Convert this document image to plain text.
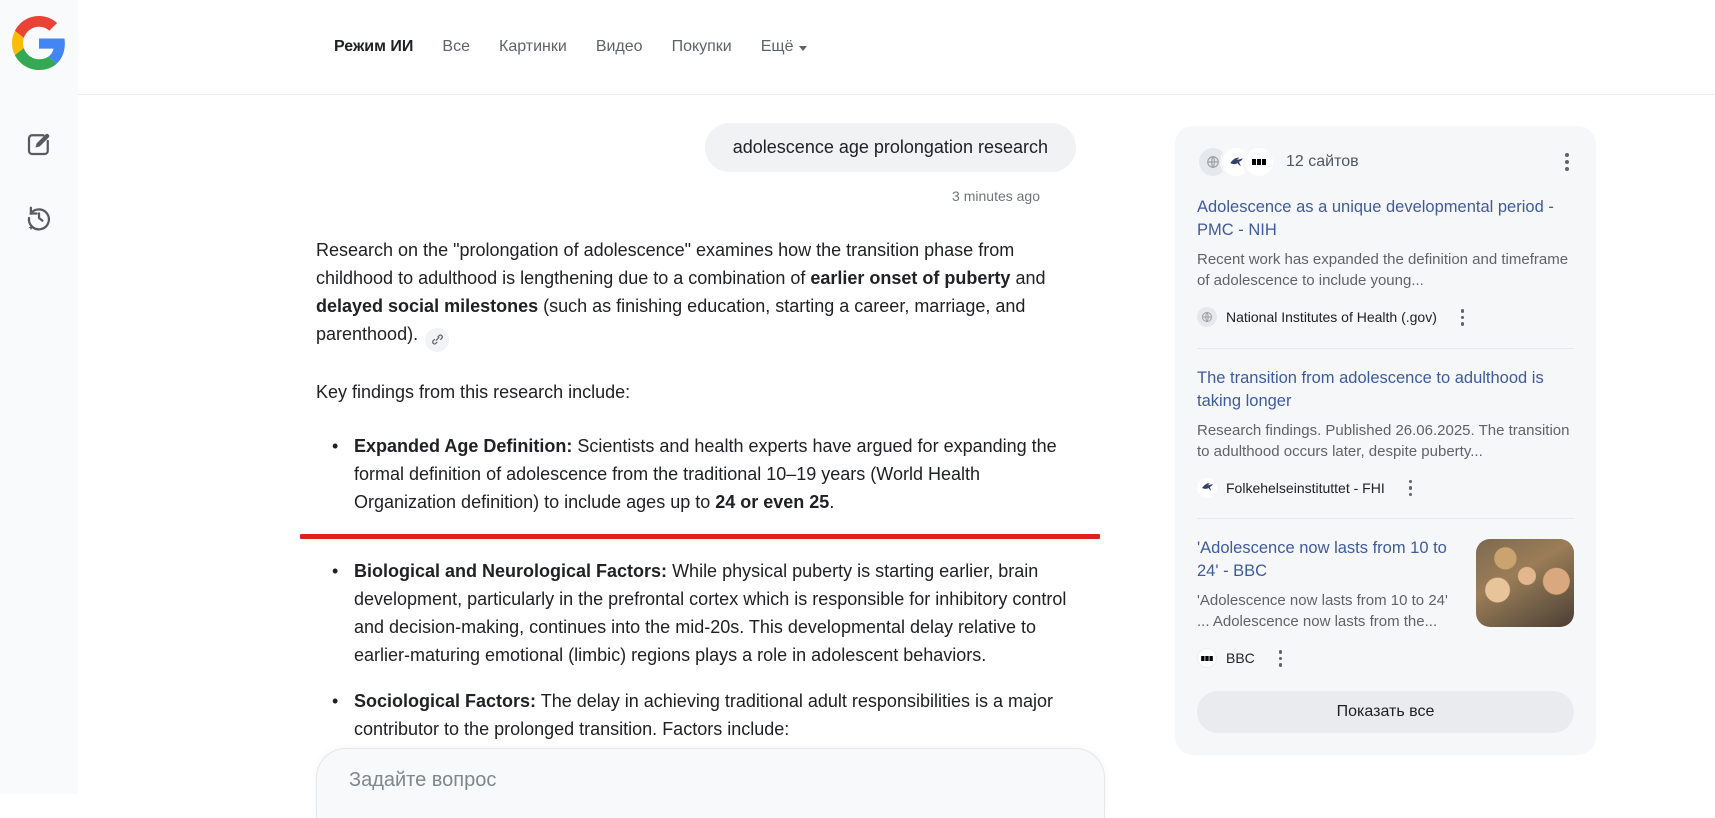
Режим ИИ Все Картинки Видео Покупки Ещё
adolescence age prolongation research
3 minutes ago

Research on the "prolongation of adolescence" examines how the transition phase from childhood to adulthood is lengthening due to a combination of earlier onset of puberty and delayed social milestones (such as finishing education, starting a career, marriage, and parenthood).

Key findings from this research include:

• Expanded Age Definition: Scientists and health experts have argued for expanding the formal definition of adolescence from the traditional 10–19 years (World Health Organization definition) to include ages up to 24 or even 25.
• Biological and Neurological Factors: While physical puberty is starting earlier, brain development, particularly in the prefrontal cortex which is responsible for inhibitory control and decision-making, continues into the mid-20s. This developmental delay relative to earlier-maturing emotional (limbic) regions plays a role in adolescent behaviors.
• Sociological Factors: The delay in achieving traditional adult responsibilities is a major contributor to the prolonged transition. Factors include:
◦
Задайте вопрос
12 сайтов
Adolescence as a unique developmental period - PMC - NIH

Recent work has expanded the definition and timeframe of adolescence to include young...

National Institutes of Health (.gov)
The transition from adolescence to adulthood is taking longer

Research findings. Published 26.06.2025. The transition to adulthood occurs later, despite puberty...

Folkehelseinstituttet - FHI
'Adolescence now lasts from 10 to 24' - BBC

'Adolescence now lasts from 10 to 24' ... Adolescence now lasts from the...

BBC
Показать все
